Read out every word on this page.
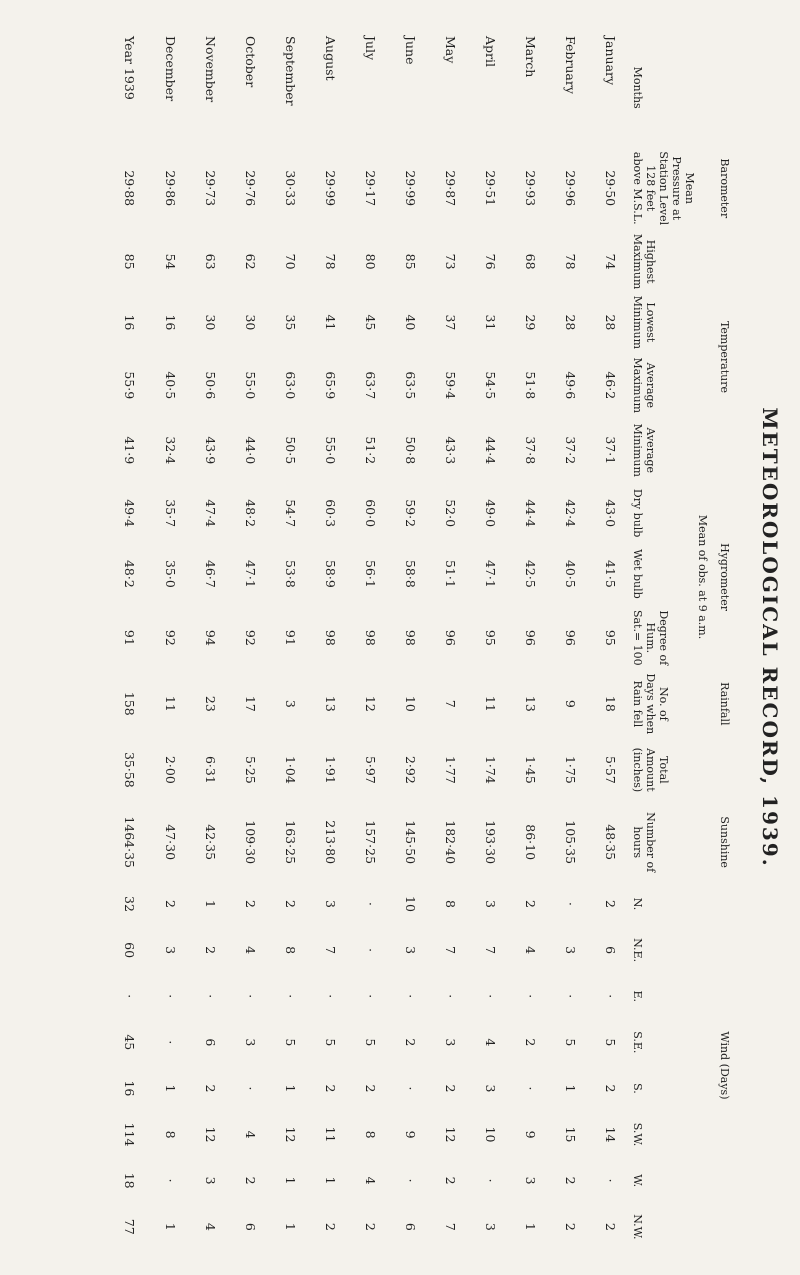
METEOROLOGICAL RECORD, 1939.
	Barometer	Temperature				Hygrometer			Rainfall		Sunshine	Wind (Days)							
						Mean of obs. at 9 a.m.													
Months	Mean Pressure at Station Level 128 feet above M.S.L.	Highest Maximum	Lowest Minimum	Average Maximum	Average Minimum	Dry bulb	Wet bulb	Degree of Hum. Sat.= 100	No. of Days when Rain fell	Total Amount (inches)	Number of hours	N.	N.E.	E.	S.E.	S.	S.W.	W.	N.W.
January	29·50	74	28	46·2	37·1	43·0	41·5	95	18	5·57	48·35	2	6	·	5	2	14	·	2
February	29·96	78	28	49·6	37·2	42·4	40·5	96	9	1·75	105·35	·	3	·	5	1	15	2	2
March	29·93	68	29	51·8	37·8	44·4	42·5	96	13	1·45	86·10	2	4	·	2	·	9	3	1
April	29·51	76	31	54·5	44·4	49·0	47·1	95	11	1·74	193·30	3	7	·	4	3	10	·	3
May	29·87	73	37	59·4	43·3	52·0	51·1	96	7	1·77	182·40	8	7	·	3	2	12	2	7
June	29·99	85	40	63·5	50·8	59·2	58·8	98	10	2·92	145·50	10	3	·	2	·	9	·	6
July	29·17	80	45	63·7	51·2	60·0	56·1	98	12	5·97	157·25	·	·	·	5	2	8	4	2
August	29·99	78	41	65·9	55·0	60·3	58·9	98	13	1·91	213·80	3	7	·	5	2	11	1	2
September	30·33	70	35	63·0	50·5	54·7	53·8	91	3	1·04	163·25	2	8	·	5	1	12	1	1
October	29·76	62	30	55·0	44·0	48·2	47·1	92	17	5·25	109·30	2	4	·	3	·	4	2	6
November	29·73	63	30	50·6	43·9	47·4	46·7	94	23	6·31	42·35	1	2	·	6	2	12	3	4
December	29·86	54	16	40·5	32·4	35·7	35·0	92	11	2·00	47·30	2	3	·	·	1	8	·	1
Year 1939	29·88	85	16	55·9	41·9	49·4	48·2	91	158	35·58	1464·35	32	60	·	45	16	114	18	77
